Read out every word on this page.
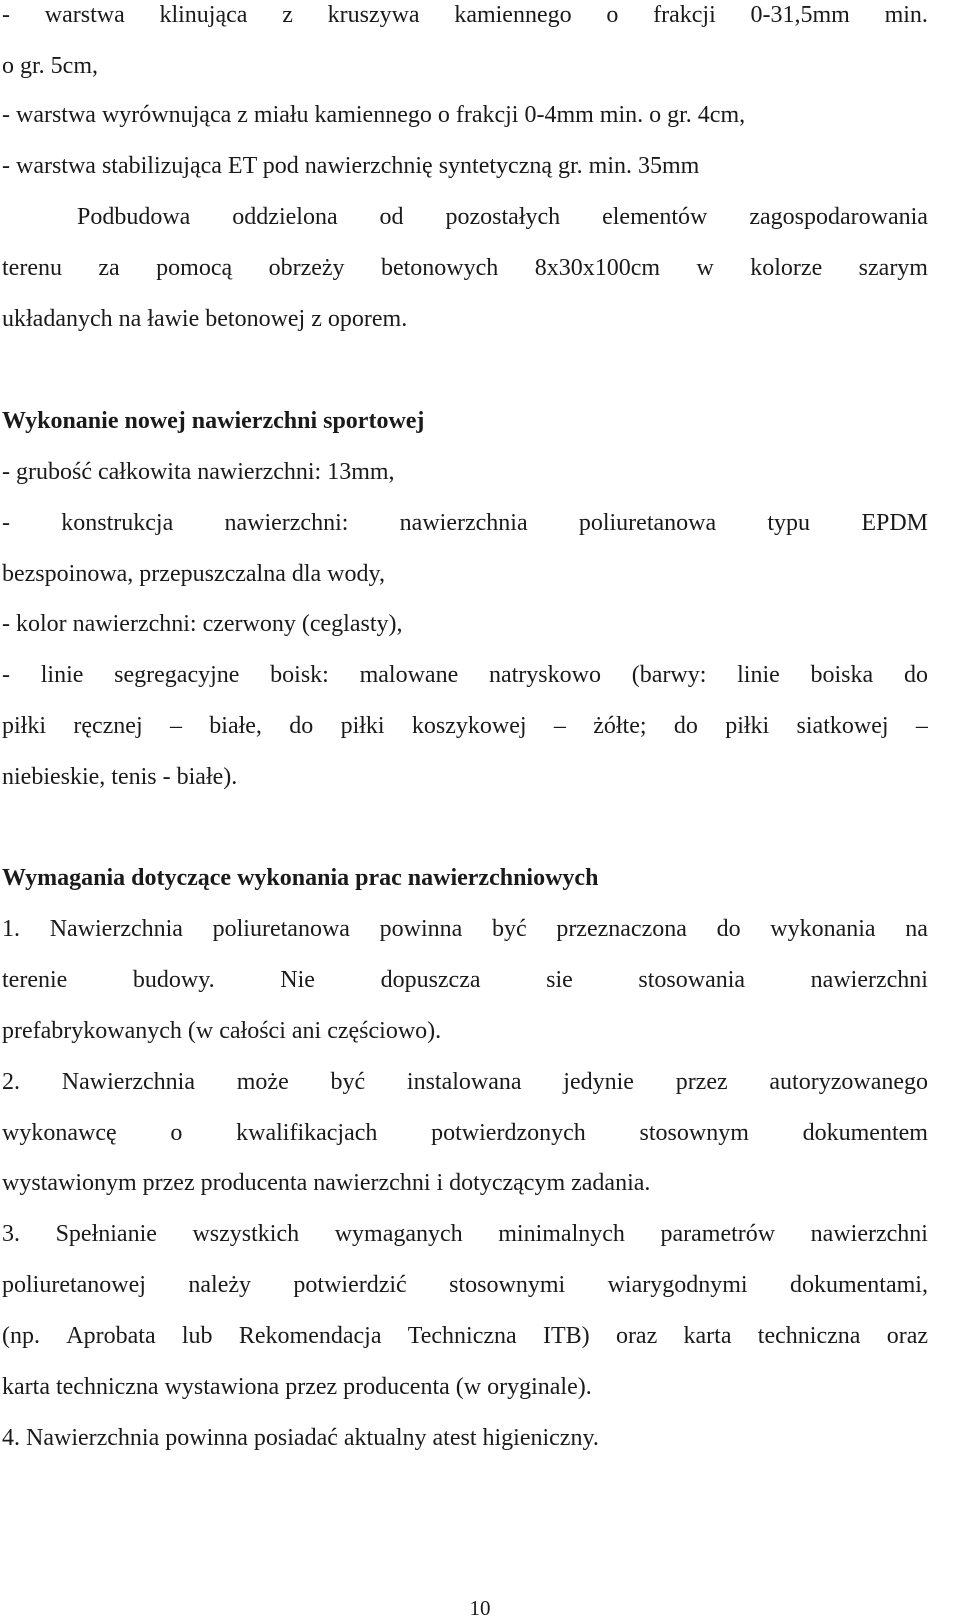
- warstwa klinująca z kruszywa kamiennego o frakcji 0-31,5mm min.
o gr. 5cm,
- warstwa wyrównująca z miału kamiennego o frakcji 0-4mm min. o gr. 4cm,
- warstwa stabilizująca ET pod nawierzchnię syntetyczną gr. min. 35mm
Podbudowa oddzielona od pozostałych elementów zagospodarowania
terenu za pomocą obrzeży betonowych 8x30x100cm w kolorze szarym
układanych na ławie betonowej z oporem.
Wykonanie nowej nawierzchni sportowej
- grubość całkowita nawierzchni: 13mm,
- konstrukcja nawierzchni: nawierzchnia poliuretanowa typu EPDM
bezspoinowa, przepuszczalna dla wody,
- kolor nawierzchni: czerwony (ceglasty),
- linie segregacyjne boisk: malowane natryskowo (barwy: linie boiska do
piłki ręcznej – białe, do piłki koszykowej – żółte; do piłki siatkowej –
niebieskie, tenis - białe).
Wymagania dotyczące wykonania prac nawierzchniowych
1. Nawierzchnia poliuretanowa powinna być przeznaczona do wykonania na
terenie	budowy.	Nie	dopuszcza	sie	stosowania	nawierzchni
prefabrykowanych (w całości ani częściowo).
2. Nawierzchnia może być instalowana jedynie przez autoryzowanego
wykonawcę o kwalifikacjach potwierdzonych stosownym dokumentem
wystawionym przez producenta nawierzchni i dotyczącym zadania.
3. Spełnianie wszystkich wymaganych minimalnych parametrów nawierzchni
poliuretanowej należy potwierdzić stosownymi wiarygodnymi dokumentami,
(np. Aprobata lub Rekomendacja Techniczna ITB) oraz karta techniczna oraz
karta techniczna wystawiona przez producenta (w oryginale).
4. Nawierzchnia powinna posiadać aktualny atest higieniczny.
10
